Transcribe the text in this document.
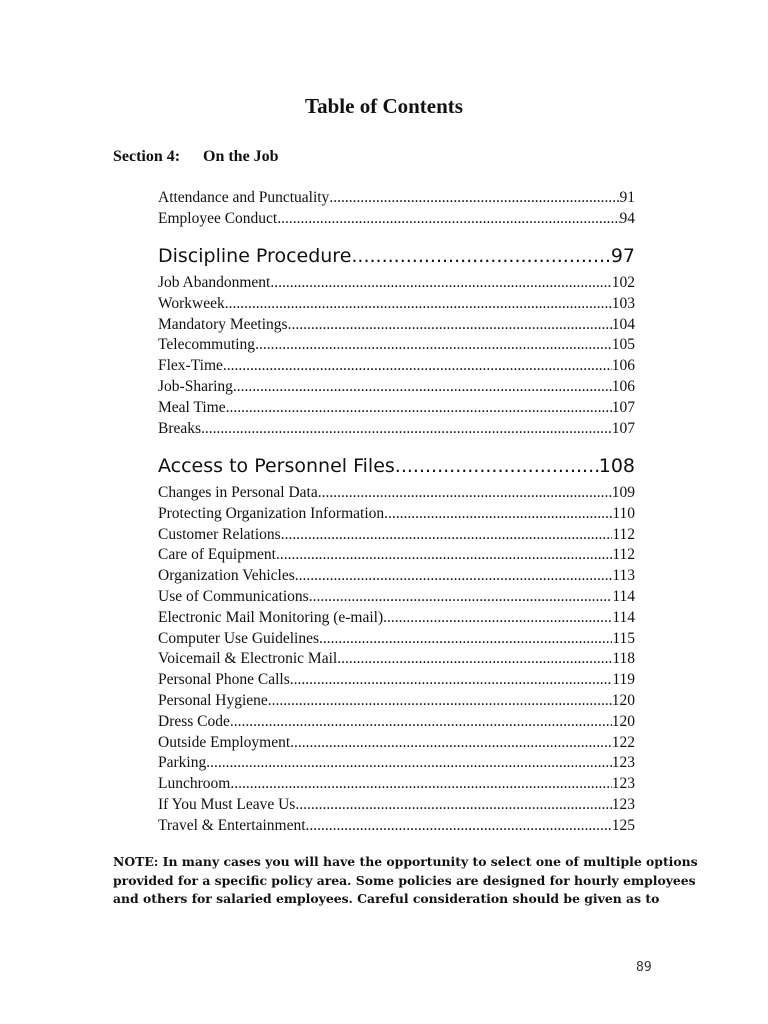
Table of Contents
Section 4: On the Job
Attendance and Punctuality .....	91
Employee Conduct .....	94
Discipline Procedure .....	97
Job Abandonment .....	102
Workweek .....	103
Mandatory Meetings .....	104
Telecommuting .....	105
Flex-Time .....	106
Job-Sharing .....	106
Meal Time .....	107
Breaks .....	107
Access to Personnel Files .....	108
Changes in Personal Data .....	109
Protecting Organization Information .....	110
Customer Relations .....	112
Care of Equipment .....	112
Organization Vehicles .....	113
Use of Communications .....	114
Electronic Mail Monitoring (e-mail) .....	114
Computer Use Guidelines .....	115
Voicemail & Electronic Mail .....	118
Personal Phone Calls .....	119
Personal Hygiene .....	120
Dress Code .....	120
Outside Employment .....	122
Parking .....	123
Lunchroom .....	123
If You Must Leave Us .....	123
Travel & Entertainment .....	125
NOTE: In many cases you will have the opportunity to select one of multiple options
provided for a specific policy area. Some policies are designed for hourly employees
and others for salaried employees. Careful consideration should be given as to
89
